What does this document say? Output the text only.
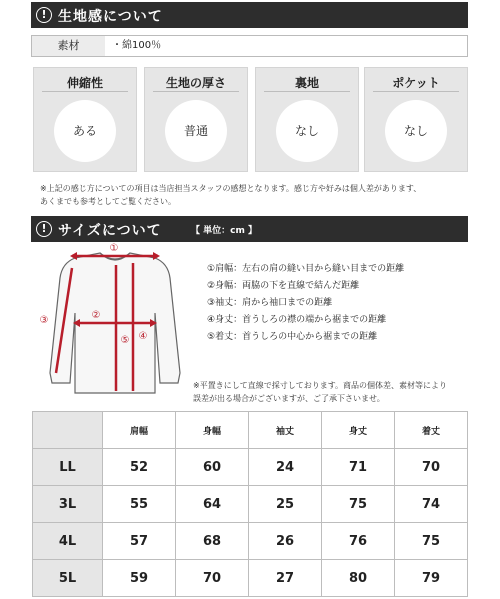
! 生地感について
素材	・綿100％
伸縮性
ある
生地の厚さ
普通
裏地
なし
ポケット
なし
※上記の感じ方についての項目は当店担当スタッフの感想となります。感じ方や好みは個人差があります、
あくまでも参考としてご覧ください。
! サイズについて	【 単位：cm 】
①
②
③
④
⑤
①肩幅：左右の肩の縫い目から縫い目までの距離
②身幅：両脇の下を直線で結んだ距離
③袖丈：肩から袖口までの距離
④身丈：首うしろの襟の端から裾までの距離
⑤着丈：首うしろの中心から裾までの距離
※平置きにして直線で採寸しております。商品の個体差、素材等により
誤差が出る場合がございますが、ご了承下さいませ。
	肩幅	身幅	袖丈	身丈	着丈
LL	52	60	24	71	70
3L	55	64	25	75	74
4L	57	68	26	76	75
5L	59	70	27	80	79
